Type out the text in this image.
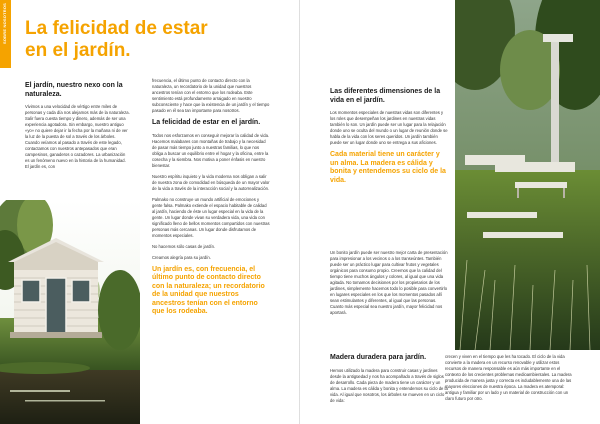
SOBRE NOSOTROS La felicidad de estar
en el jardín.
El jardín, nuestro nexo con la naturaleza.

Vivimos a una velocidad de vértigo entre miles de personas y cada día nos alejamos más de la naturaleza. Salir fuera cuesta tiempo y dinero, además de ser una experiencia agotadora. Sin embargo, nuestro antiguo «yo» no quiere dejar ir la fecha por la mañana ni de ver la luz de la puesta de sol a través de los árboles. Cuando veíamos al pasado a través de este legado, contactamos con nuestros antepasados que eran campesinos, ganaderos o cazadores. La urbanización es un fenómeno nuevo en la historia de la humanidad. El jardín es, con

frecuencia, el último punto de contacto directo con la naturaleza, un recordatorio de la unidad que nuestros ancestros tenían con el entorno que los rodeaba. Este sentimiento está profundamente arraigado en nuestro subconsciente y hace que la existencia de un jardín y el tiempo pasado en él sea tan importante para nosotros.

La felicidad de estar en el jardín.

Todos nos esforzamos en conseguir mejorar la calidad de vida. Hacemos malabares con montañas de trabajo y la necesidad de pasar más tiempo junto a nuestras familias, lo que nos obliga a buscar un equilibrio entre el hogar y la oficina, entre la cosecha y la siembra. Nos motiva a poner énfasis en nuestro bienestar.

Nuestro espíritu inquieto y la vida moderna nos obligan a salir de nuestra zona de comodidad en búsqueda de un mayor valor de la vida a través de la interacción social y la autorrealización.

Palmako no construye un mundo artificial de emociones y gente falsa. Palmako extiende el espacio habitable de calidad al jardín, haciendo de éste un lugar especial en la vida de la gente. Un lugar donde vivan su verdadera vida, una vida con significado lleno de bellos momentos compartidos con nuestras personas más cercanas. Un lugar donde disfrutamos de momentos especiales.

No hacemos sólo casas de jardín.

Creamos alegría para su jardín.

Un jardín es, con frecuencia, el último punto de contacto directo con la naturaleza; un recordatorio de la unidad que nuestros ancestros tenían con el entorno que los rodeaba.

Las diferentes dimensiones de la vida en el jardín.

Los momentos especiales de nuestras vidas son diferentes y los roles que desempeñan los jardines en nuestras vidas también lo son. Un jardín puede ser un lugar para la relajación donde uno se oculta del mundo o un lugar de reunión donde se habla de la vida con los seres queridos. Un jardín también puede ser un lugar donde uno se entrega a sus aficiones.

Cada material tiene un carácter y un alma. La madera es cálida y bonita y entendemos su ciclo de la vida.

Un bonito jardín puede ser nuestro mejor carta de presentación para impresionar a los vecinos o a los transeúntes. También puede ser un práctico lugar para cultivar frutos y vegetales orgánicos para consumo propio. Creemos que la calidad del tiempo tiene muchos ángulos y colores, al igual que una vida agitada. No tomamos decisiones por los propietarios de los jardines, simplemente hacemos todo lo posible para convertirlo en lugares especiales en los que los momentos pasados allí sean estimulantes y diferentes, al igual que las personas. Cuanto más especial sea nuestro jardín, mayor felicidad nos aportará.

Madera duradera para jardín.

Hemos utilizado la madera para construir casas y jardines desde la antigüedad y nos ha acompañado a través de siglos de desarrollo. Cada pieza de madera tiene un carácter y un alma. La madera es cálida y bonita y entendemos su ciclo de la vida. Al igual que nosotros, los árboles se mueven en un ciclo de vida:

crecen y viven en el tiempo que les ha tocado. El ciclo de la vida convierte a la madera en un recurso renovable y utilizar estos recursos de manera responsable es aún más importante en el contexto de los crecientes problemas medioambientales. La madera producida de manera justa y correcta es indudablemente una de las mayores elecciones de nuestra época. La madera es atemporal: antigua y familiar por un lado y un material de construcción con un claro futuro por otro.
